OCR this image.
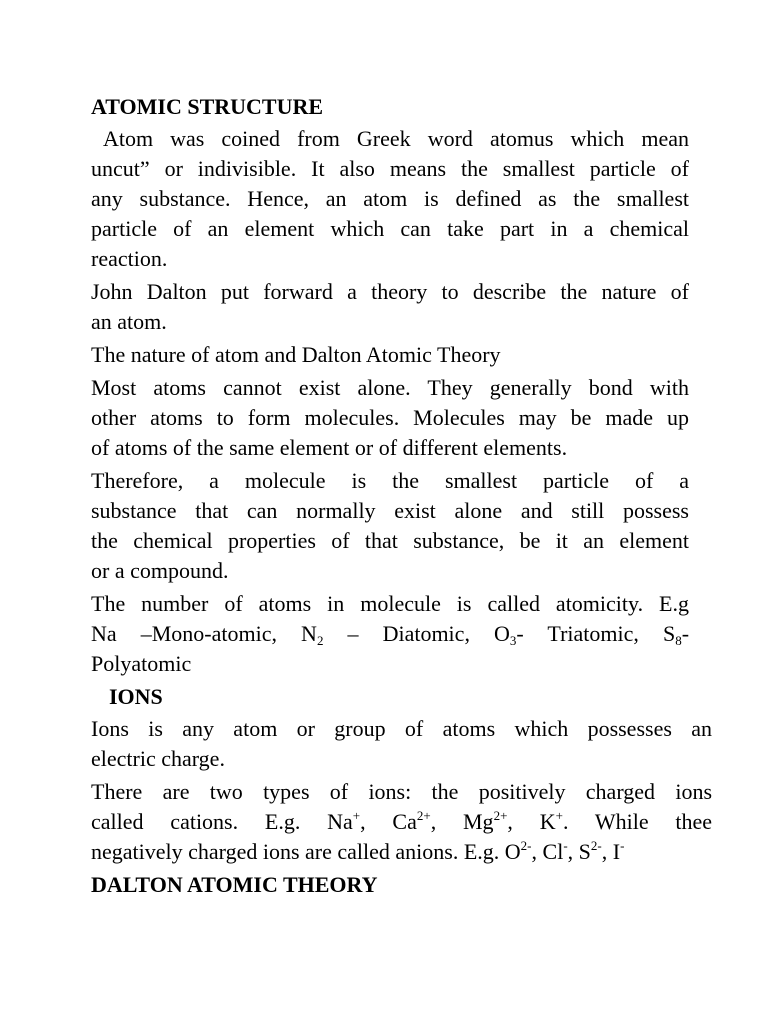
ATOMIC STRUCTURE
Atom was coined from Greek word atomus which mean
uncut” or indivisible. It also means the smallest particle of
any substance. Hence, an atom is defined as the smallest
particle of an element which can take part in a chemical
reaction.
John Dalton put forward a theory to describe the nature of
an atom.
The nature of atom and Dalton Atomic Theory
Most atoms cannot exist alone. They generally bond with
other atoms to form molecules. Molecules may be made up
of atoms of the same element or of different elements.
Therefore, a molecule is the smallest particle of a
substance that can normally exist alone and still possess
the chemical properties of that substance, be it an element
or a compound.
The number of atoms in molecule is called atomicity. E.g
Na –Mono-atomic, $N_2$ – Diatomic, $O_3-$ Triatomic, $S_8-$
Polyatomic
IONS
Ions is any atom or group of atoms which possesses an
electric charge.
There are two types of ions: the positively charged ions
called cations. E.g. Na+, $Ca^{2+}$, $Mg^{2+}$, K+. While thee
negatively charged ions are called anions. E.g. $O^{2-}$, Cl-, $S^{2-}$, I-
DALTON ATOMIC THEORY
